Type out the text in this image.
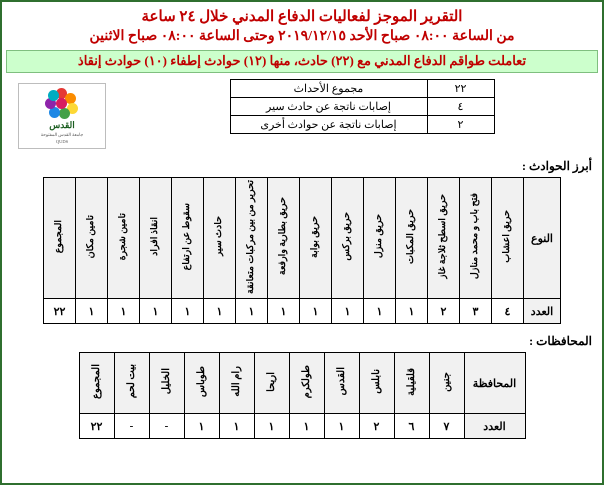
التقرير الموجز لفعاليات الدفاع المدني خلال ٢٤ ساعة
من الساعة ٠٨:٠٠ صباح الأحد ٢٠١٩/١٢/١٥ وحتى الساعة ٠٨:٠٠ صباح الاثنين
تعاملت طواقم الدفاع المدني مع (٢٢) حادث، منها (١٢) حوادث إطفاء (١٠) حوادث إنقاذ
القدس
جامعة القدس المفتوحة
QUDS
٢٢	مجموع الأحداث
٤	إصابات ناتجة عن حادث سير
٢	إصابات ناتجة عن حوادث أخرى
أبرز الحوادث :
النوع	حريق أعشاب	فتح باب و محمد منازل	حريق أسطح ثلاجة غاز	حريق المكبات	حريق منزل	حريق بركس	حريق بوابة	حريق بطارية وارفعة	تحرير من بين مركبات متعانقة	حادث سير	سقوط عن ارتفاع	انقاذ افراد	تأمين شجرة	تأمين مكان	المجموع
العدد	٤	٣	٢	١	١	١	١	١	١	١	١	١	١	١	٢٢
المحافظات :
المحافظة	جنين	قلقيلية	نابلس	القدس	طولكرم	أريحا	رام الله	طوباس	الخليل	بيت لحم	المجموع
العدد	٧	٦	٢	١	١	١	١	١	-	-	٢٢
